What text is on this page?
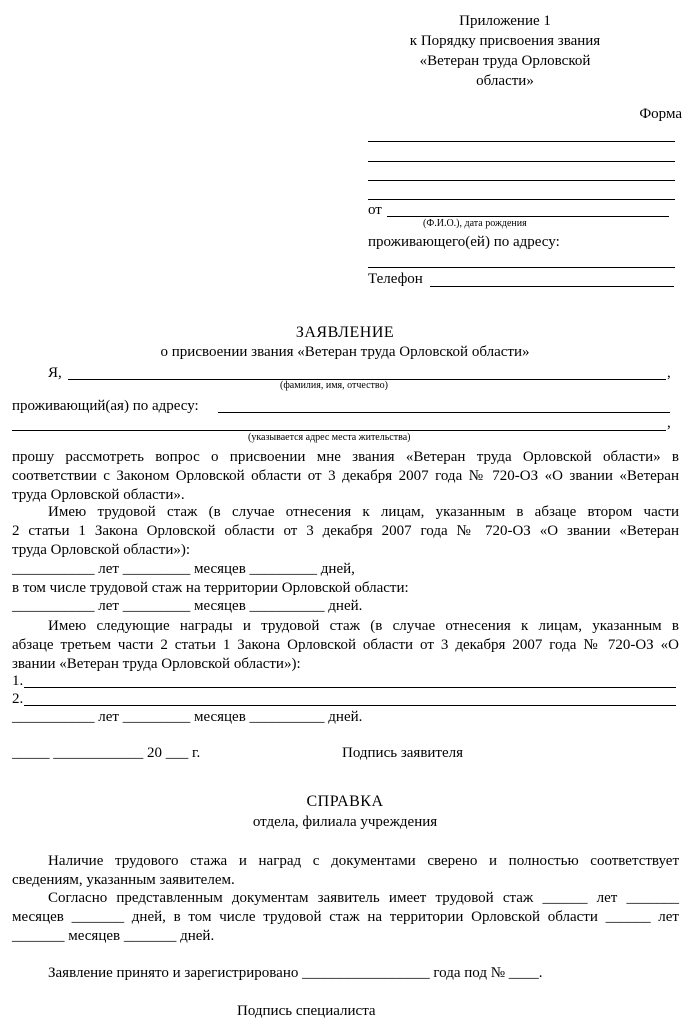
Приложение 1
к Порядку присвоения звания
«Ветеран труда Орловской
области»
Форма
от
(Ф.И.О.), дата рождения
проживающего(ей) по адресу:
Телефон
ЗАЯВЛЕНИЕ
о присвоении звания «Ветеран труда Орловской области»
Я,	,
(фамилия, имя, отчество)
проживающий(ая) по адресу:
,
(указывается адрес места жительства)
прошу рассмотреть вопрос о присвоении мне звания «Ветеран труда Орловской области» в
соответствии с Законом Орловской области от 3 декабря 2007 года № 720-ОЗ «О звании «Ветеран
труда Орловской области».
Имею трудовой стаж (в случае отнесения к лицам, указанным в абзаце втором части
2 статьи 1 Закона Орловской области от 3 декабря 2007 года № 720-ОЗ «О звании «Ветеран
труда Орловской области»):
___________ лет _________ месяцев _________ дней,
в том числе трудовой стаж на территории Орловской области:
___________ лет _________ месяцев __________ дней.
Имею следующие награды и трудовой стаж (в случае отнесения к лицам, указанным в
абзаце третьем части 2 статьи 1 Закона Орловской области от 3 декабря 2007 года № 720-ОЗ «О
звании «Ветеран труда Орловской области»):
1.
2.
___________ лет _________ месяцев __________ дней.
_____ ____________ 20 ___ г.	Подпись заявителя
СПРАВКА
отдела, филиала учреждения
Наличие трудового стажа и наград с документами сверено и полностью соответствует
сведениям, указанным заявителем.
Согласно представленным документам заявитель имеет трудовой стаж ______ лет _______
месяцев _______ дней, в том числе трудовой стаж на территории Орловской области ______ лет
_______ месяцев _______ дней.
Заявление принято и зарегистрировано _________________ года под № ____.
Подпись специалиста
